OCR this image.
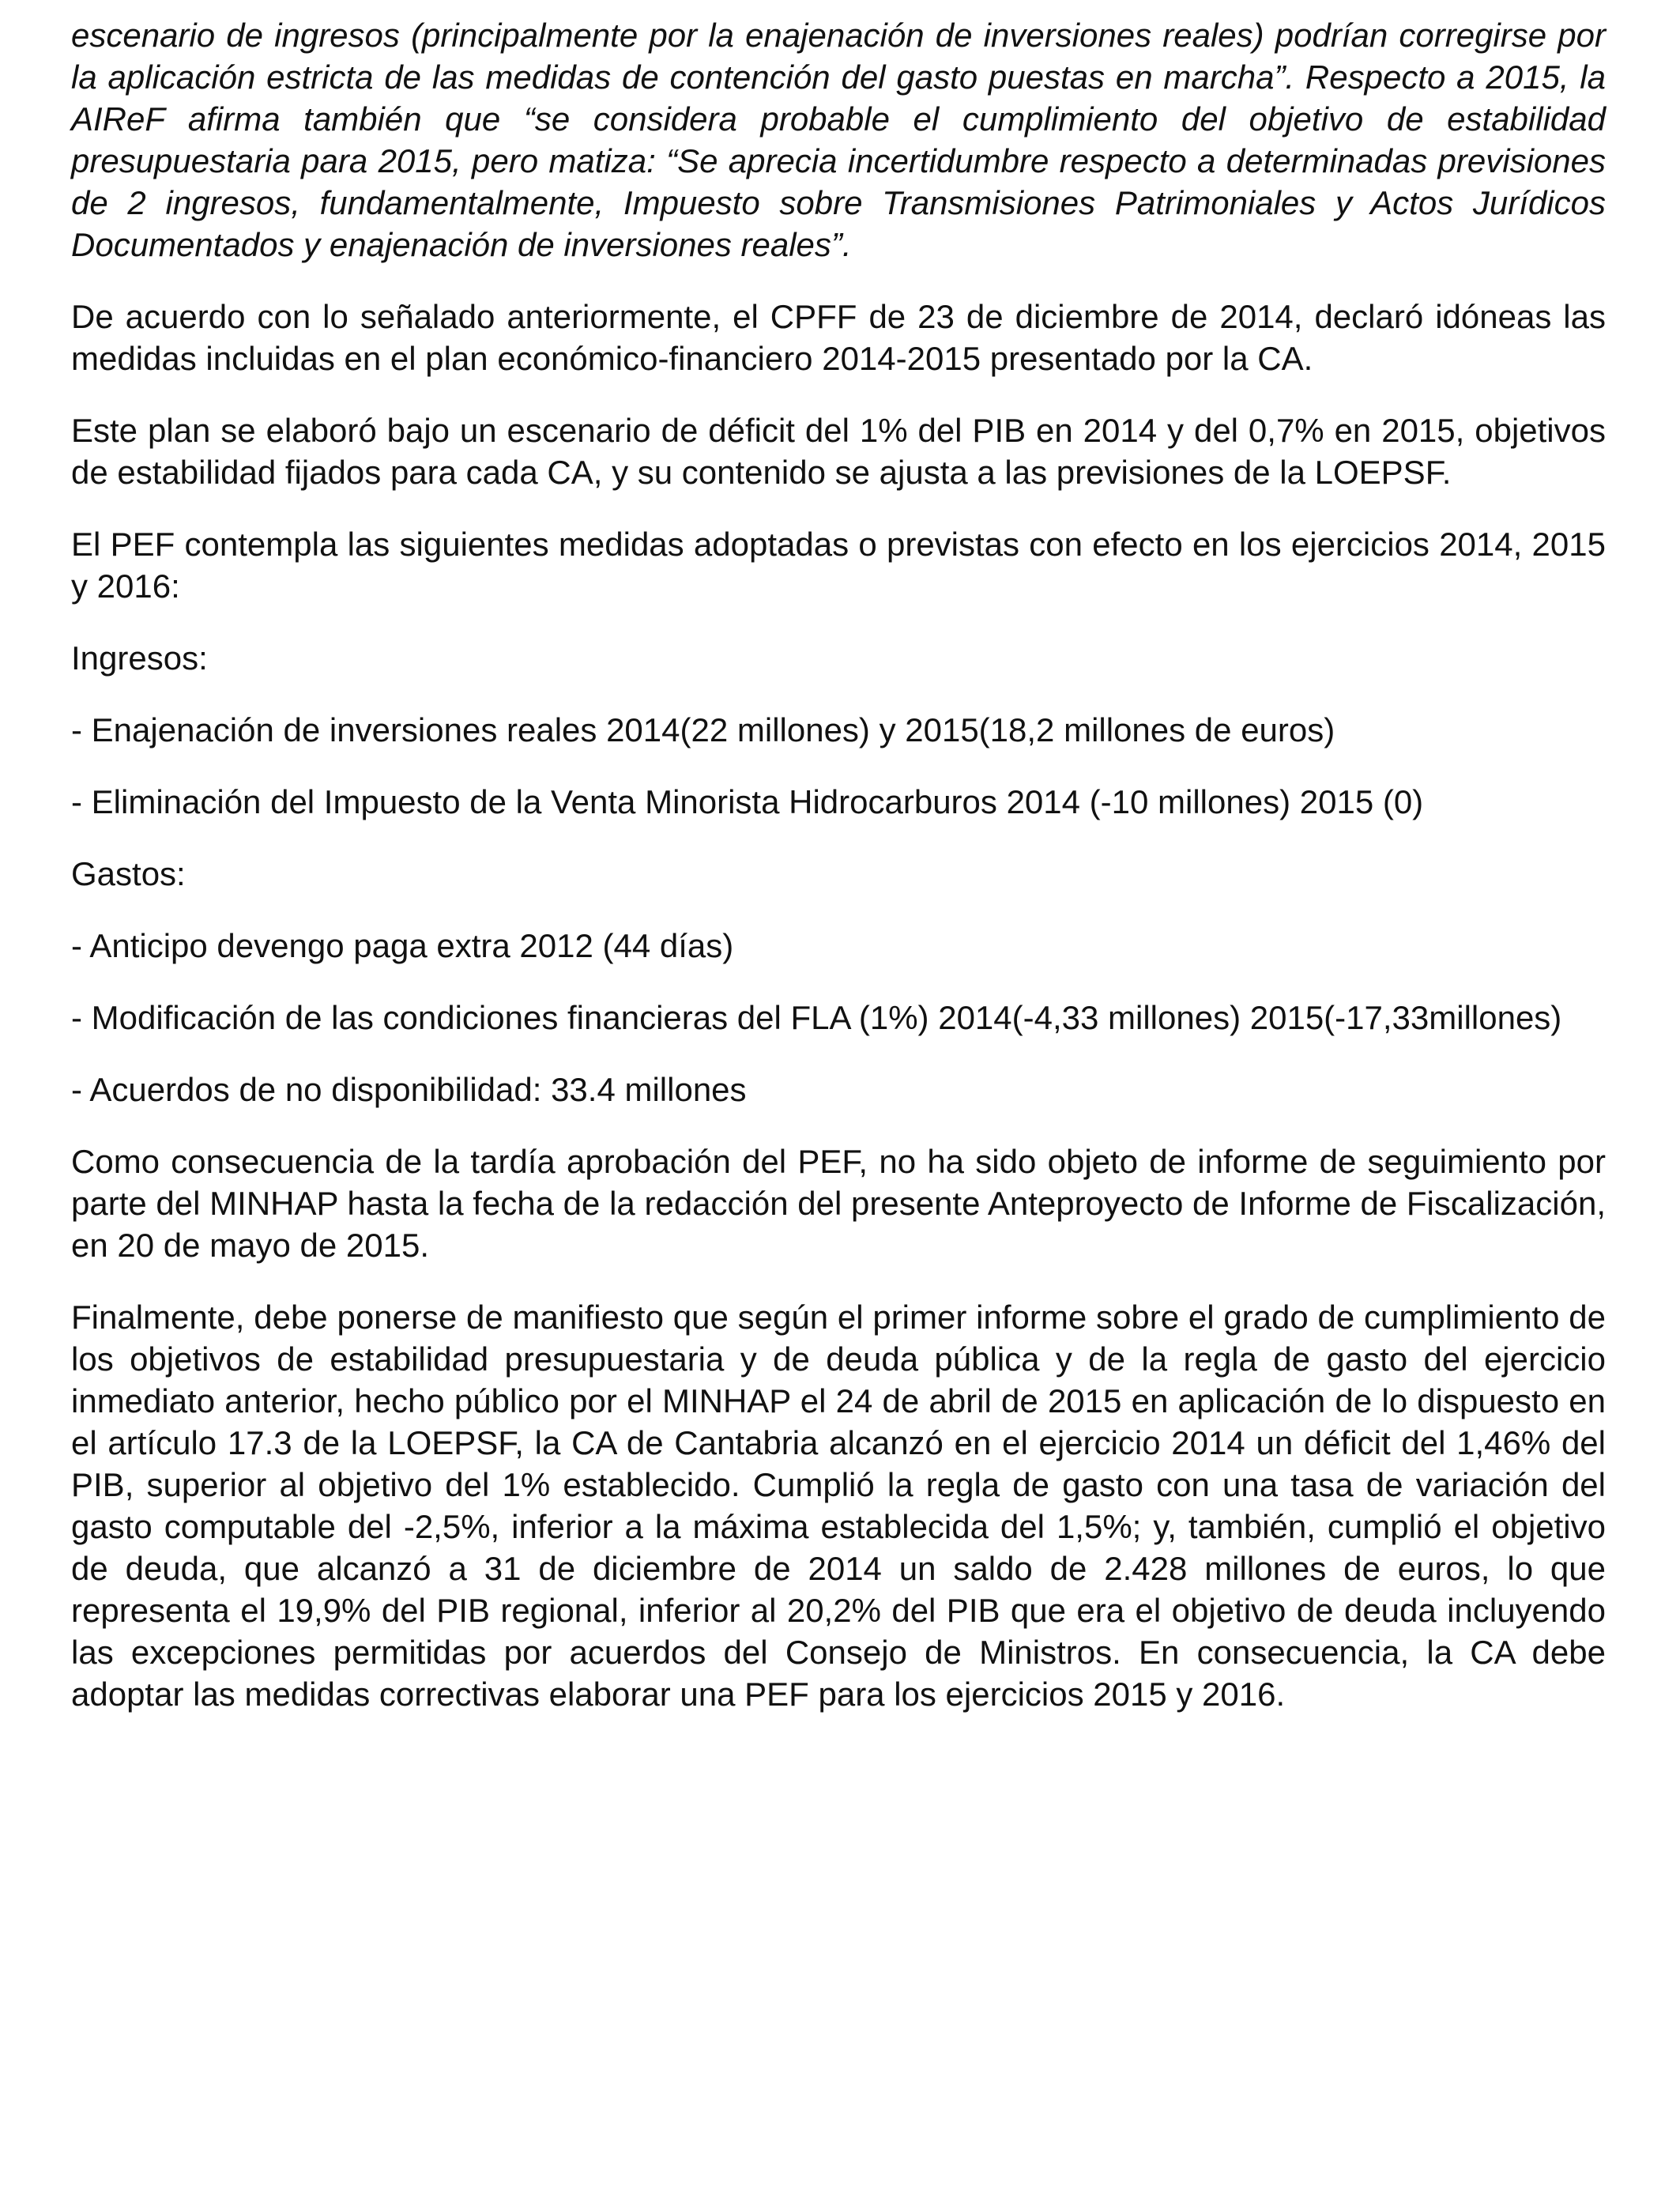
escenario de ingresos (principalmente por la enajenación de inversiones reales) podrían corregirse por la aplicación estricta de las medidas de contención del gasto puestas en marcha”. Respecto a 2015, la AIReF afirma también que “se considera probable el cumplimiento del objetivo de estabilidad presupuestaria para 2015, pero matiza: “Se aprecia incertidumbre respecto a determinadas previsiones de 2 ingresos, fundamentalmente, Impuesto sobre Transmisiones Patrimoniales y Actos Jurídicos Documentados y enajenación de inversiones reales”.

De acuerdo con lo señalado anteriormente, el CPFF de 23 de diciembre de 2014, declaró idóneas las medidas incluidas en el plan económico-financiero 2014-2015 presentado por la CA.

Este plan se elaboró bajo un escenario de déficit del 1% del PIB en 2014 y del 0,7% en 2015, objetivos de estabilidad fijados para cada CA, y su contenido se ajusta a las previsiones de la LOEPSF.

El PEF contempla las siguientes medidas adoptadas o previstas con efecto en los ejercicios 2014, 2015 y 2016:

Ingresos:

- Enajenación de inversiones reales 2014(22 millones) y 2015(18,2 millones de euros)

- Eliminación del Impuesto de la Venta Minorista Hidrocarburos 2014 (-10 millones) 2015 (0)

Gastos:

- Anticipo devengo paga extra 2012 (44 días)

- Modificación de las condiciones financieras del FLA (1%) 2014(-4,33 millones) 2015(-17,33millones)

- Acuerdos de no disponibilidad: 33.4 millones

Como consecuencia de la tardía aprobación del PEF, no ha sido objeto de informe de seguimiento por parte del MINHAP hasta la fecha de la redacción del presente Anteproyecto de Informe de Fiscalización, en 20 de mayo de 2015.

Finalmente, debe ponerse de manifiesto que según el primer informe sobre el grado de cumplimiento de los objetivos de estabilidad presupuestaria y de deuda pública y de la regla de gasto del ejercicio inmediato anterior, hecho público por el MINHAP el 24 de abril de 2015 en aplicación de lo dispuesto en el artículo 17.3 de la LOEPSF, la CA de Cantabria alcanzó en el ejercicio 2014 un déficit del 1,46% del PIB, superior al objetivo del 1% establecido. Cumplió la regla de gasto con una tasa de variación del gasto computable del -2,5%, inferior a la máxima establecida del 1,5%; y, también, cumplió el objetivo de deuda, que alcanzó a 31 de diciembre de 2014 un saldo de 2.428 millones de euros, lo que representa el 19,9% del PIB regional, inferior al 20,2% del PIB que era el objetivo de deuda incluyendo las excepciones permitidas por acuerdos del Consejo de Ministros. En consecuencia, la CA debe adoptar las medidas correctivas elaborar una PEF para los ejercicios 2015 y 2016.
